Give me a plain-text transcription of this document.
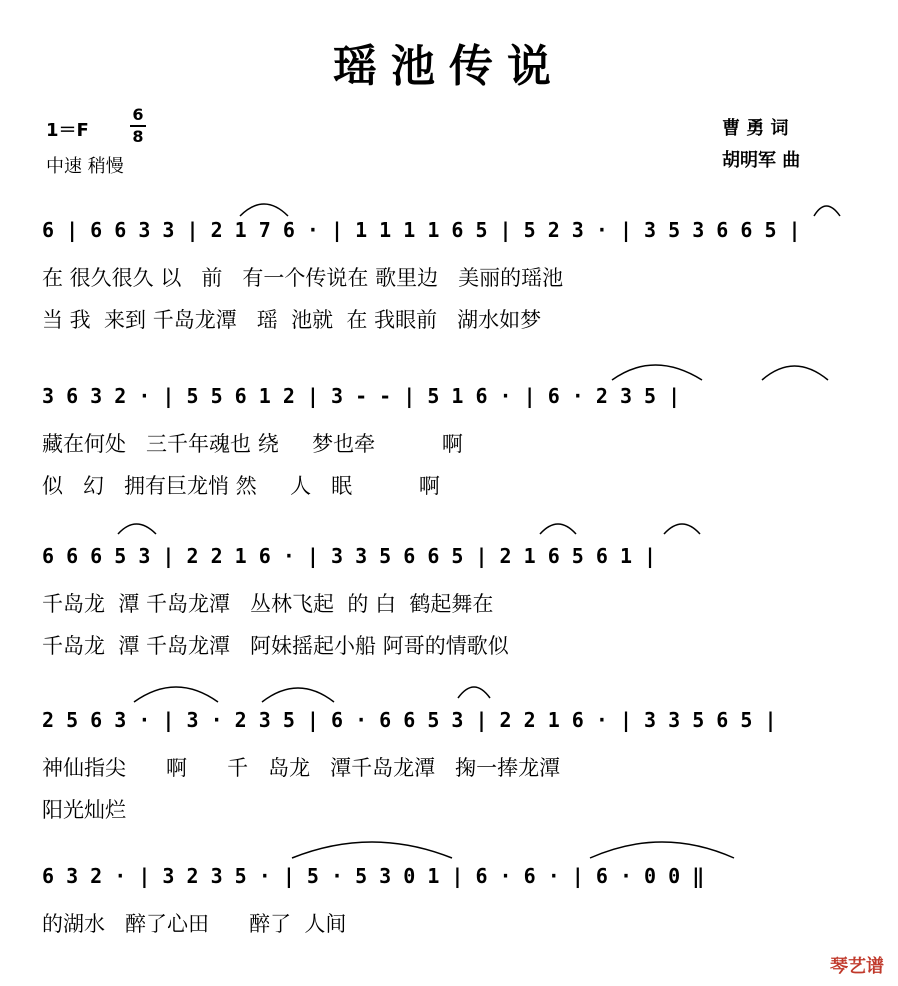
瑶池传说
1＝F
6
8
中速 稍慢
曹 勇 词
胡明军 曲
6 | 6 6 3 3 | 2 1 7 6 · | 1 1 1 1 6 5 | 5 2 3 · | 3 5 3 6 6 5 |
在 很久很久 以   前   有一个传说在 歌里边   美丽的瑶池
当 我  来到 千岛龙潭   瑶  池就  在 我眼前   湖水如梦
3 6 3 2 · | 5 5 6 1 2 | 3 - - | 5 1 6 · | 6 · 2 3 5 |
藏在何处   三千年魂也 绕     梦也牵          啊
似   幻   拥有巨龙悄 然     人   眠          啊
6 6 6 5 3 | 2 2 1 6 · | 3 3 5 6 6 5 | 2 1 6 5 6 1 |
千岛龙  潭 千岛龙潭   丛林飞起  的 白  鹤起舞在
千岛龙  潭 千岛龙潭   阿妹摇起小船 阿哥的情歌似
2 5 6 3 · | 3 · 2 3 5 | 6 · 6 6 5 3 | 2 2 1 6 · | 3 3 5 6 5 |
神仙指尖      啊      千   岛龙   潭千岛龙潭   掬一捧龙潭
阳光灿烂
6 3 2 · | 3 2 3 5 · | 5 · 5 3 0 1 | 6 · 6 · | 6 · 0 0 ‖
的湖水   醉了心田      醉了  人间
琴艺谱
